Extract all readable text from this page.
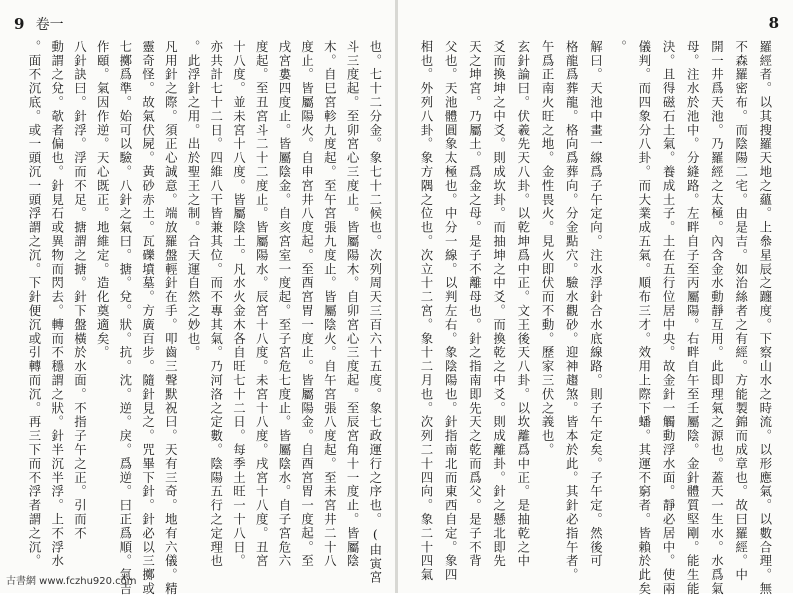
9 卷一
也。七十二分金。象七十二候也。次列周天三百六十五度。象七政運行之序也。(由寅宮
斗三度起。至卯宮心三度止。皆屬陽木。自卯宮心三度起。至辰宮角十一度止。皆屬陰
木。自巳宮軫九度起。至午宮張九度止。皆屬陰火。自午宮張八度起。至未宮井二十八
度止。皆屬陽火。自申宮井八度起。至酉宮胃一度止。皆屬陽金。自酉宮胃一度起。至
戌宮婁四度止。皆屬陰金。自亥宮室一度起。至子宮危七度止。皆屬陰水。自子宮危六
度起。至丑宮斗二十二度止。皆屬陽水。辰宮十八度。未宮十八度。戌宮十八度。丑宮
十八度。並未宮十八度。皆屬陰土。凡水火金木各自旺七十二日。每季土旺一十八日。
亦共計七十二日。四維八干皆兼其位。而不專其氣。乃河洛之定數。陰陽五行之定理也
。此浮針之用。出於聖王之制。合天運自然之妙也。
凡用針之際。須正心誠意。端放羅盤輕針在手。叩齒三聲默祝曰。天有三奇。地有六儀。精
靈奇怪。故氣伏屍。黃砂赤土。瓦礫墳墓。方廣百步。隨針見之。咒畢下針。針必以三擲或
七擲爲準。始可以驗。八針之氣曰。搪。兌。狀。抗。沈。逆。戾。爲逆。曰正爲順。氣吉
作頤。氣因作逆。天心既正。地維定。造化奠適矣。
八針訣曰。針浮。浮而不足。搪謂之搪。針下盤橫於水面。不指子午之正。引而不
動謂之兌。欹者偏也。針見石或異物而閃去。轉而不穩謂之狀。針半沉半浮。上不浮水
。面不沉底。或一頭沉一頭浮謂之沉。下針便沉或引轉而沉。再三下而不浮者謂之沉。
古書網 www.fczhu920.com
8
羅經者。以其搜羅天地之蘊。上叅星辰之躔度。下察山水之時流。以形應氣。以數合理。無
不森羅密布。而陰陽二宅。由是吉。如治絲者之有經。方能製錦而成章也。故曰羅經。中
開一井爲天池。乃羅經之太極。內含金水動靜互用。此即理氣之源也。蓋天一生水。水爲氣
母。注水於池中。分縫路。左畔自子至丙屬陽。右畔自午至壬屬陰。金針體質堅剛。能生能
決。且得磁石土氣。養成土子。土在五行位居中央。故金針一觸動浮水面。靜必居中。使兩
儀判。而四象分八卦。而大業成五氣。順布三才。效用上際下蟠。其運不窮者。皆賴於此矣
。
解曰。天池中畫一線爲子午定向。注水浮針合水底線路。則子午定矣。子午定。然後可
格龍爲葬龍。格向爲葬向。分金點穴。驗水觀砂。迎神趨煞。皆本於此。其針必指午者。
午爲正南火旺之地。金性畏火。見火即伏而不動。歷家三伏之義也。
玄針論曰。伏羲先天八卦。以乾坤爲中正。文王後天八卦。以坎離爲中正。是抽乾之中
爻而換坤之中爻。則成坎卦。而抽坤之中爻。而換乾之中爻。則成離卦。針之懸北即先
天之坤宮。乃屬土。爲金之母。是子不離母也。針之指南即先天之乾而爲父。是子不背
父也。天池體圓象太極也。中分一線。以判左右。象陰陽也。針指南北而東西自定。象四
相也。外列八卦。象方隅之位也。次立十二宮。象十二月也。次列二十四向。象二十四氣
